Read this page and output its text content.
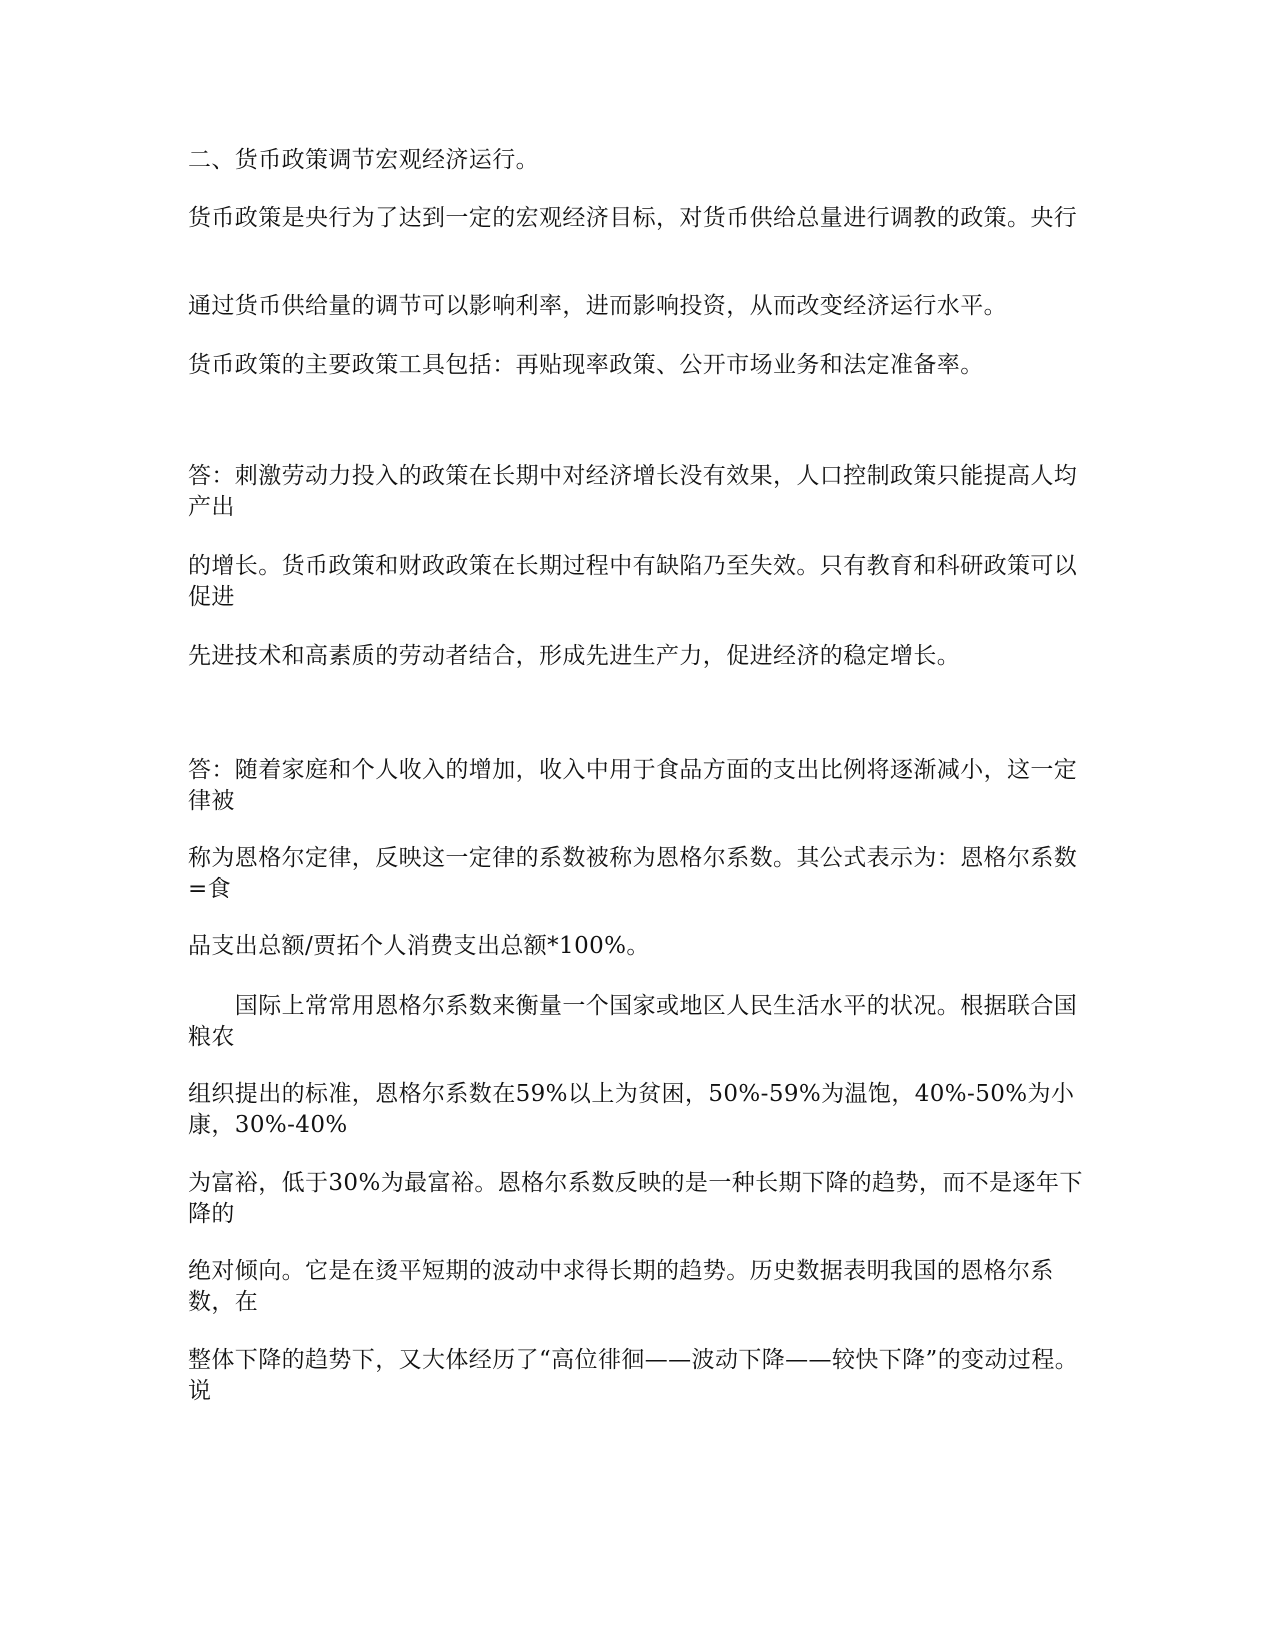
二、货币政策调节宏观经济运行。

货币政策是央行为了达到一定的宏观经济目标，对货币供给总量进行调教的政策。央行

通过货币供给量的调节可以影响利率，进而影响投资，从而改变经济运行水平。

货币政策的主要政策工具包括：再贴现率政策、公开市场业务和法定准备率。

答：刺激劳动力投入的政策在长期中对经济增长没有效果，人口控制政策只能提高人均产出

的增长。货币政策和财政政策在长期过程中有缺陷乃至失效。只有教育和科研政策可以促进

先进技术和高素质的劳动者结合，形成先进生产力，促进经济的稳定增长。

答：随着家庭和个人收入的增加，收入中用于食品方面的支出比例将逐渐减小，这一定律被

称为恩格尔定律，反映这一定律的系数被称为恩格尔系数。其公式表示为：恩格尔系数=食

品支出总额/贾拓个人消费支出总额*100%。

　　国际上常常用恩格尔系数来衡量一个国家或地区人民生活水平的状况。根据联合国粮农

组织提出的标准，恩格尔系数在59%以上为贫困，50%-59%为温饱，40%-50%为小康，30%-40%

为富裕，低于30%为最富裕。恩格尔系数反映的是一种长期下降的趋势，而不是逐年下降的

绝对倾向。它是在烫平短期的波动中求得长期的趋势。历史数据表明我国的恩格尔系数，在

整体下降的趋势下，又大体经历了“高位徘徊——波动下降——较快下降”的变动过程。说
